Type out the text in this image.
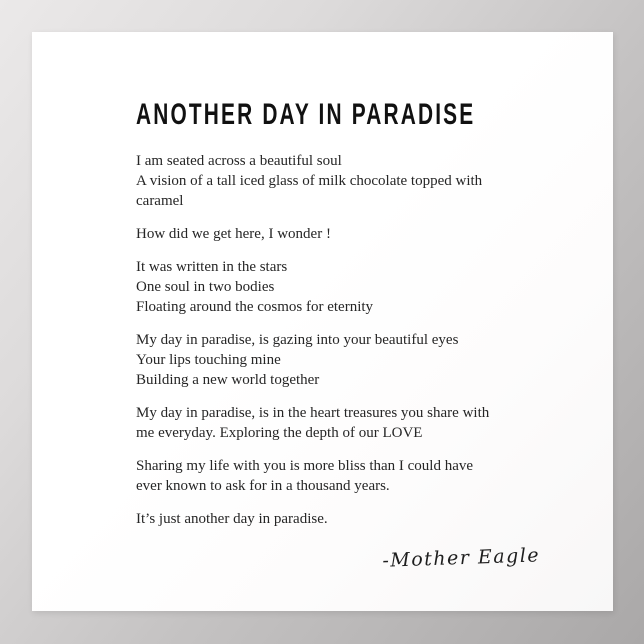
ANOTHER DAY IN PARADISE
I am seated across a beautiful soul
A vision of a tall iced glass of milk chocolate topped with
caramel
How did we get here, I wonder !
It was written in the stars
One soul in two bodies
Floating around the cosmos for eternity
My day in paradise, is gazing into your beautiful eyes
Your lips touching mine
Building a new world together
My day in paradise, is in the heart treasures you share with
me everyday. Exploring the depth of our LOVE
Sharing my life with you is more bliss than I could have
ever known to ask for in a thousand years.
It’s just another day in paradise.
-Mother Eagle
